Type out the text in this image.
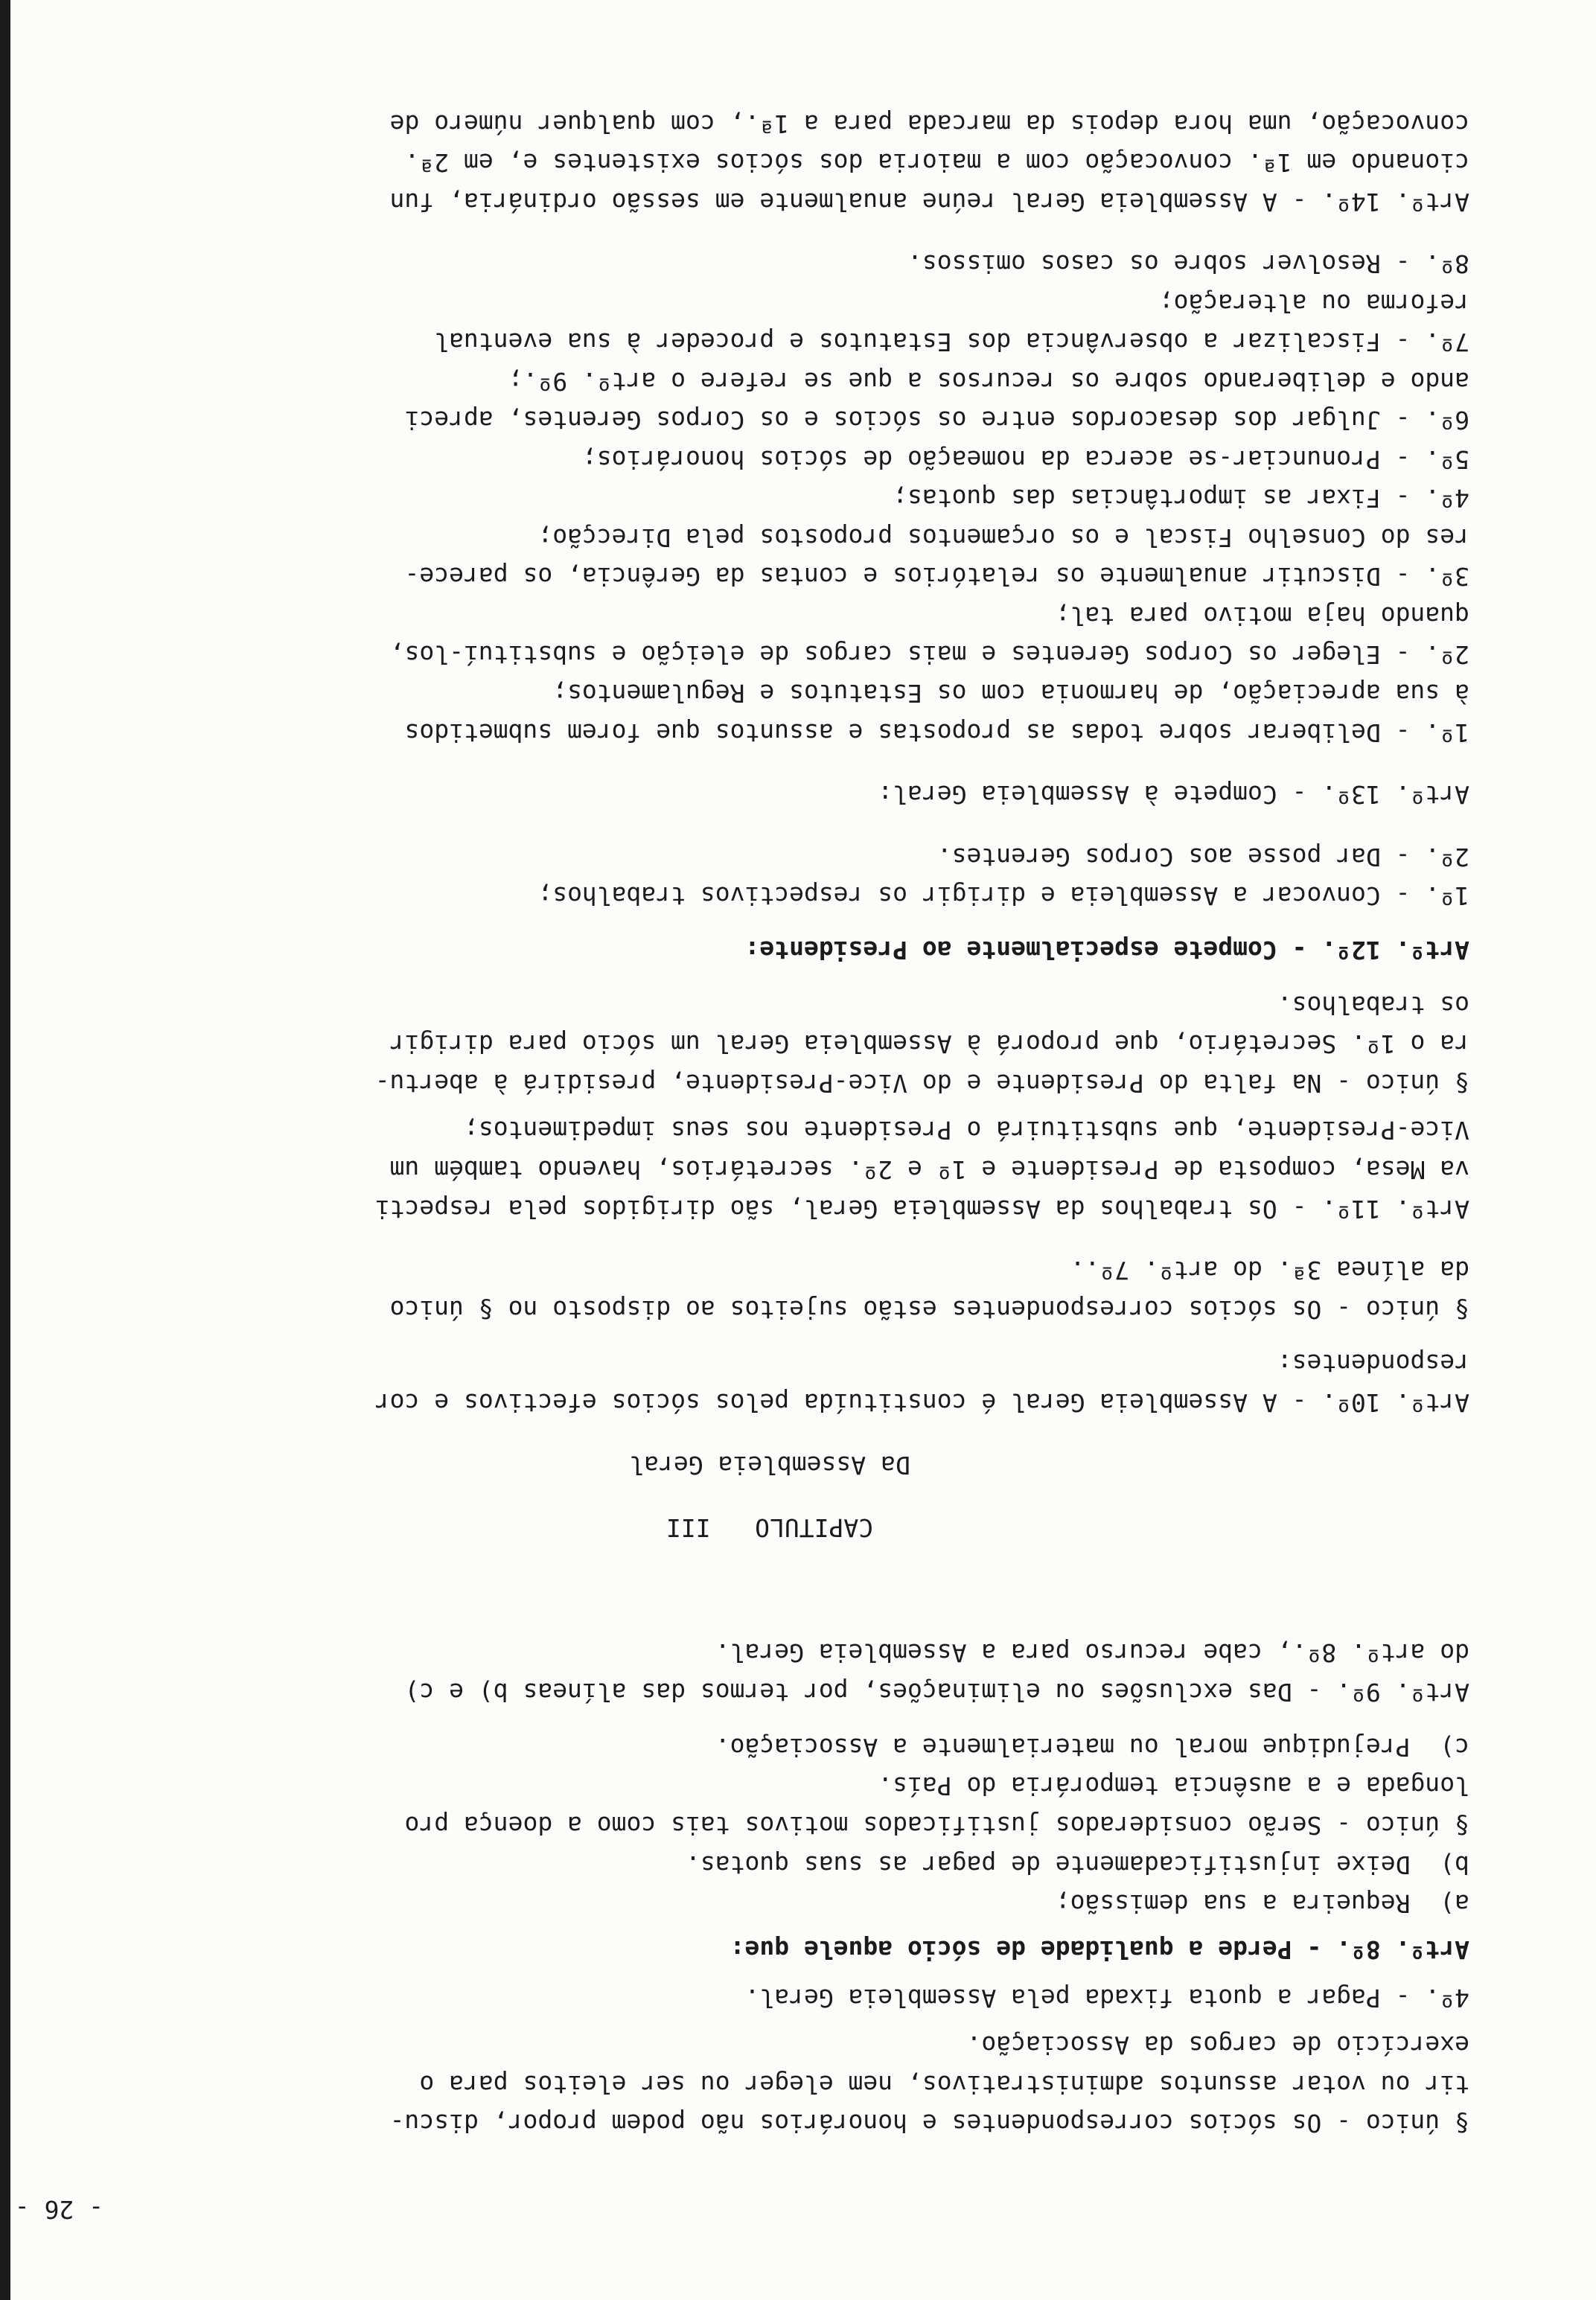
- 26 -

§ único - Os sócios correspondentes e honorários não podem propor, discu-

tir ou votar assuntos administrativos, nem eleger ou ser eleitos para o

exercício de cargos da Associação.

4º. - Pagar a quota fixada pela Assembleia Geral.

Artº. 8º. - Perde a qualidade de sócio aquele que:

a)  Requeira a sua demissão;

b)  Deixe injustificadamente de pagar as suas quotas.

§ único - Serão considerados justificados motivos tais como a doença pro

longada e a ausência temporária do País.

c)  Prejudique moral ou materialmente a Associação.

Artº. 9º. - Das exclusões ou eliminações, por termos das alíneas b) e c)

do artº. 8º., cabe recurso para a Assembleia Geral.

CAPITULO   III

Da Assembleia Geral

Artº. 10º. - A Assembleia Geral é constituída pelos sócios efectivos e cor

respondentes:

§ único - Os sócios correspondentes estão sujeitos ao disposto no § único

da alínea 3ª. do artº. 7º..

Artº. 11º. - Os trabalhos da Assembleia Geral, são dirigidos pela respecti

va Mesa, composta de Presidente e 1º e 2º. secretários, havendo também um

Vice-Presidente, que substituirá o Presidente nos seus impedimentos;

§ único - Na falta do Presidente e do Vice-Presidente, presidirá à abertu-

ra o 1º. Secretário, que proporá à Assembleia Geral um sócio para dirigir

os trabalhos.

Artº. 12º. - Compete especialmente ao Presidente:

1º. - Convocar a Assembleia e dirigir os respectivos trabalhos;

2º. - Dar posse aos Corpos Gerentes.

Artº. 13º. - Compete à Assembleia Geral:

1º. - Deliberar sobre todas as propostas e assuntos que forem submetidos

à sua apreciação, de harmonia com os Estatutos e Regulamentos;

2º. - Eleger os Corpos Gerentes e mais cargos de eleição e substituí-los,

quando haja motivo para tal;

3º. - Discutir anualmente os relatórios e contas da Gerência, os parece-

res do Conselho Fiscal e os orçamentos propostos pela Direcção;

4º. - Fixar as importâncias das quotas;

5º. - Pronunciar-se acerca da nomeação de sócios honorários;

6º. - Julgar dos desacordos entre os sócios e os Corpos Gerentes, apreci

ando e deliberando sobre os recursos a que se refere o artº. 9º.;

7º. - Fiscalizar a observância dos Estatutos e proceder à sua eventual

reforma ou alteração;

8º. - Resolver sobre os casos omissos.

Artº. 14º. - A Assembleia Geral reúne anualmente em sessão ordinária, fun

cionando em 1ª. convocação com a maioria dos sócios existentes e, em 2ª.

convocação, uma hora depois da marcada para a 1ª., com qualquer número de
